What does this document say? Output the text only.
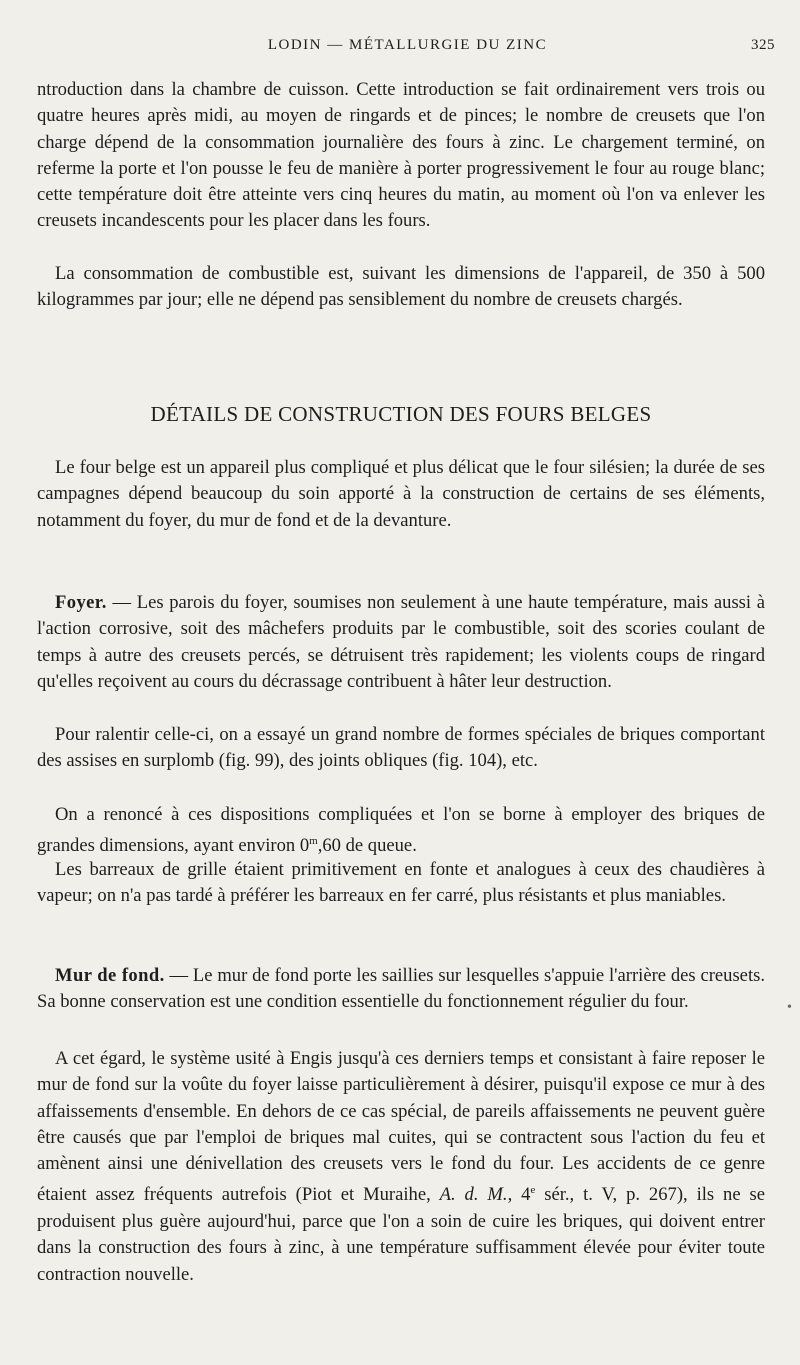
LODIN — MÉTALLURGIE DU ZINC	325

ntroduction dans la chambre de cuisson. Cette introduction se fait ordinairement vers trois ou quatre heures après midi, au moyen de ringards et de pinces; le nombre de creusets que l'on charge dépend de la consommation journalière des fours à zinc. Le chargement terminé, on referme la porte et l'on pousse le feu de manière à porter progressivement le four au rouge blanc; cette température doit être atteinte vers cinq heures du matin, au moment où l'on va enlever les creusets incandescents pour les placer dans les fours.

La consommation de combustible est, suivant les dimensions de l'appareil, de 350 à 500 kilogrammes par jour; elle ne dépend pas sensiblement du nombre de creusets chargés.

DÉTAILS DE CONSTRUCTION DES FOURS BELGES

Le four belge est un appareil plus compliqué et plus délicat que le four silésien; la durée de ses campagnes dépend beaucoup du soin apporté à la construction de certains de ses éléments, notamment du foyer, du mur de fond et de la devanture.

Foyer. — Les parois du foyer, soumises non seulement à une haute température, mais aussi à l'action corrosive, soit des mâchefers produits par le combustible, soit des scories coulant de temps à autre des creusets percés, se détruisent très rapidement; les violents coups de ringard qu'elles reçoivent au cours du décrassage contribuent à hâter leur destruction.

Pour ralentir celle-ci, on a essayé un grand nombre de formes spéciales de briques comportant des assises en surplomb (fig. 99), des joints obliques (fig. 104), etc.

On a renoncé à ces dispositions compliquées et l'on se borne à employer des briques de grandes dimensions, ayant environ 0$^m$,60 de queue.

Les barreaux de grille étaient primitivement en fonte et analogues à ceux des chaudières à vapeur; on n'a pas tardé à préférer les barreaux en fer carré, plus résistants et plus maniables.

Mur de fond. — Le mur de fond porte les saillies sur lesquelles s'appuie l'arrière des creusets. Sa bonne conservation est une condition essentielle du fonctionnement régulier du four.

A cet égard, le système usité à Engis jusqu'à ces derniers temps et consistant à faire reposer le mur de fond sur la voûte du foyer laisse particulièrement à désirer, puisqu'il expose ce mur à des affaissements d'ensemble. En dehors de ce cas spécial, de pareils affaissements ne peuvent guère être causés que par l'emploi de briques mal cuites, qui se contractent sous l'action du feu et amènent ainsi une dénivellation des creusets vers le fond du four. Les accidents de ce genre étaient assez fréquents autrefois (Piot et Muraihe, A. d. M., 4e sér., t. V, p. 267), ils ne se produisent plus guère aujourd'hui, parce que l'on a soin de cuire les briques, qui doivent entrer dans la construction des fours à zinc, à une température suffisamment élevée pour éviter toute contraction nouvelle.

•
